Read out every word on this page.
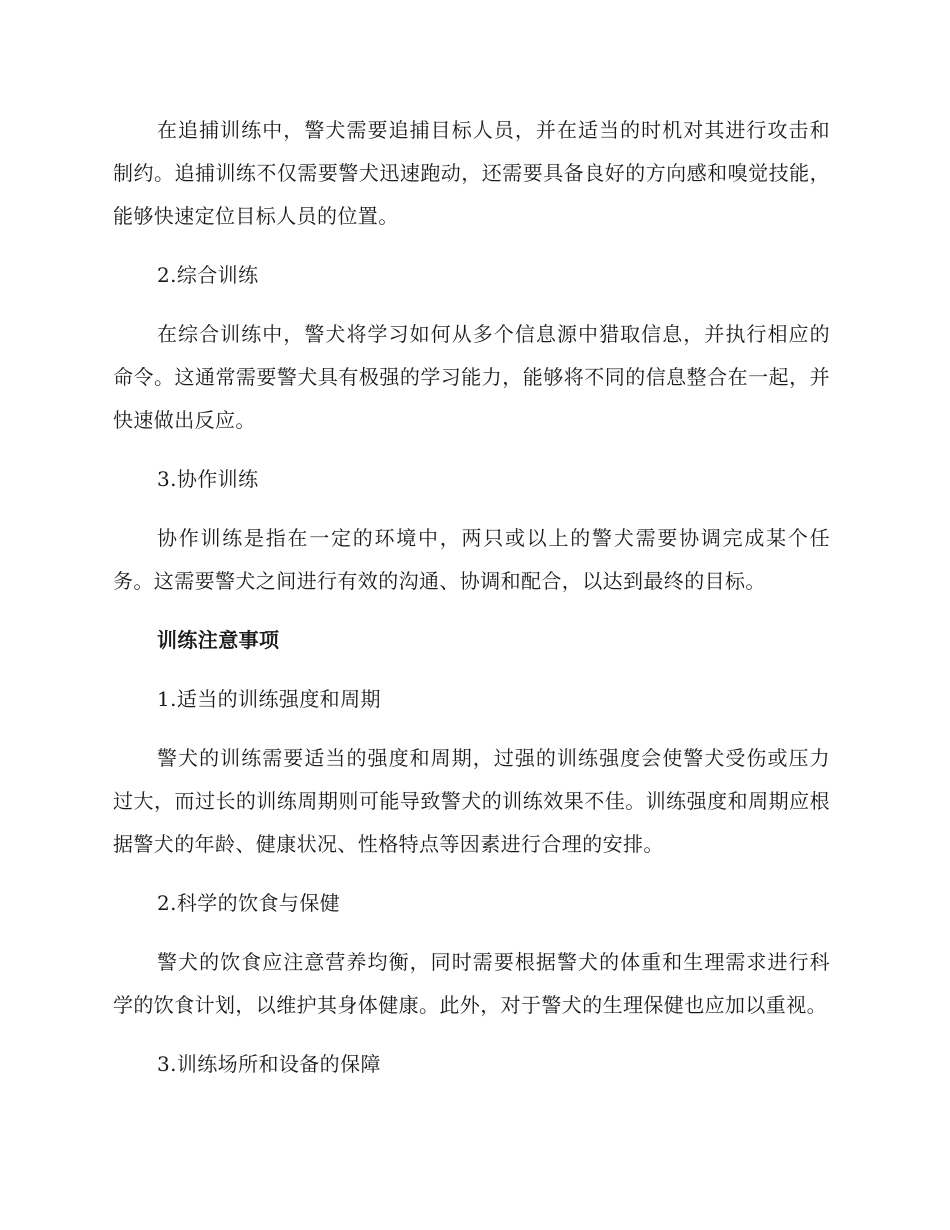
在追捕训练中，警犬需要追捕目标人员，并在适当的时机对其进行攻击和制约。追捕训练不仅需要警犬迅速跑动，还需要具备良好的方向感和嗅觉技能，能够快速定位目标人员的位置。

2.综合训练

在综合训练中，警犬将学习如何从多个信息源中猎取信息，并执行相应的命令。这通常需要警犬具有极强的学习能力，能够将不同的信息整合在一起，并快速做出反应。

3.协作训练

协作训练是指在一定的环境中，两只或以上的警犬需要协调完成某个任务。这需要警犬之间进行有效的沟通、协调和配合，以达到最终的目标。

训练注意事项

1.适当的训练强度和周期

警犬的训练需要适当的强度和周期，过强的训练强度会使警犬受伤或压力过大，而过长的训练周期则可能导致警犬的训练效果不佳。训练强度和周期应根据警犬的年龄、健康状况、性格特点等因素进行合理的安排。

2.科学的饮食与保健

警犬的饮食应注意营养均衡，同时需要根据警犬的体重和生理需求进行科学的饮食计划，以维护其身体健康。此外，对于警犬的生理保健也应加以重视。

3.训练场所和设备的保障
